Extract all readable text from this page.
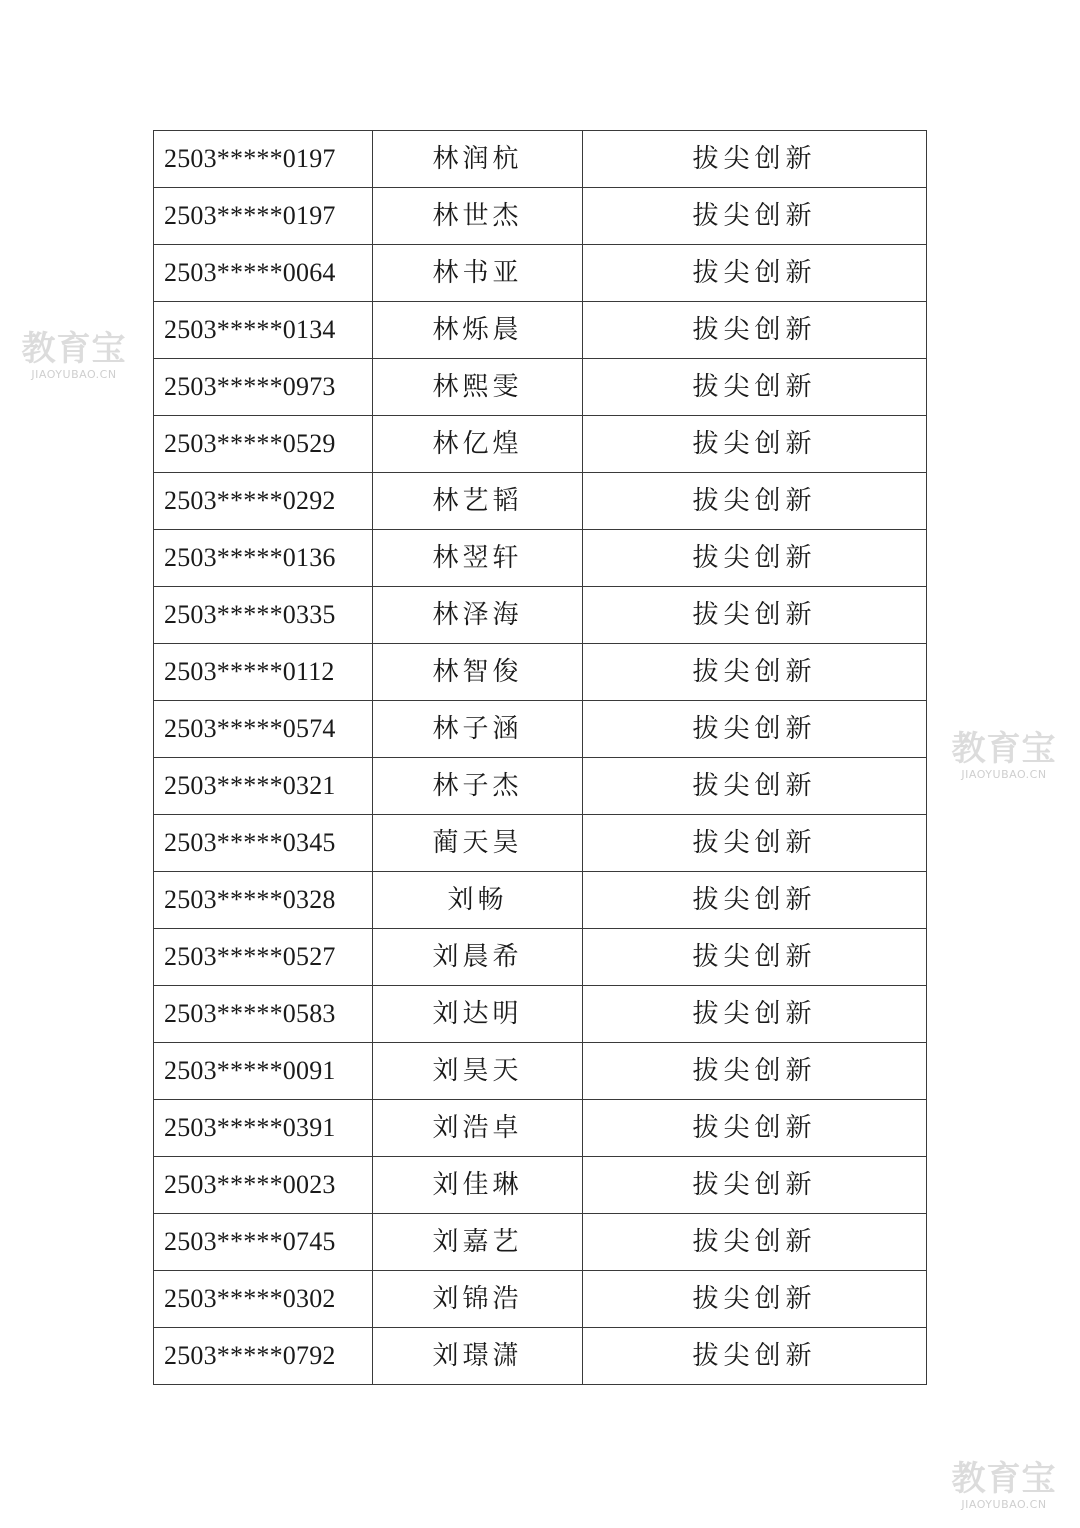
教育宝
JIAOYUBAO.CN
教育宝
JIAOYUBAO.CN
教育宝
JIAOYUBAO.CN
2503*****0197	林润杭	拔尖创新
2503*****0197	林世杰	拔尖创新
2503*****0064	林书亚	拔尖创新
2503*****0134	林烁晨	拔尖创新
2503*****0973	林熙雯	拔尖创新
2503*****0529	林亿煌	拔尖创新
2503*****0292	林艺韬	拔尖创新
2503*****0136	林翌轩	拔尖创新
2503*****0335	林泽海	拔尖创新
2503*****0112	林智俊	拔尖创新
2503*****0574	林子涵	拔尖创新
2503*****0321	林子杰	拔尖创新
2503*****0345	蔺天昊	拔尖创新
2503*****0328	刘畅	拔尖创新
2503*****0527	刘晨希	拔尖创新
2503*****0583	刘达明	拔尖创新
2503*****0091	刘昊天	拔尖创新
2503*****0391	刘浩卓	拔尖创新
2503*****0023	刘佳琳	拔尖创新
2503*****0745	刘嘉艺	拔尖创新
2503*****0302	刘锦浩	拔尖创新
2503*****0792	刘璟潇	拔尖创新
